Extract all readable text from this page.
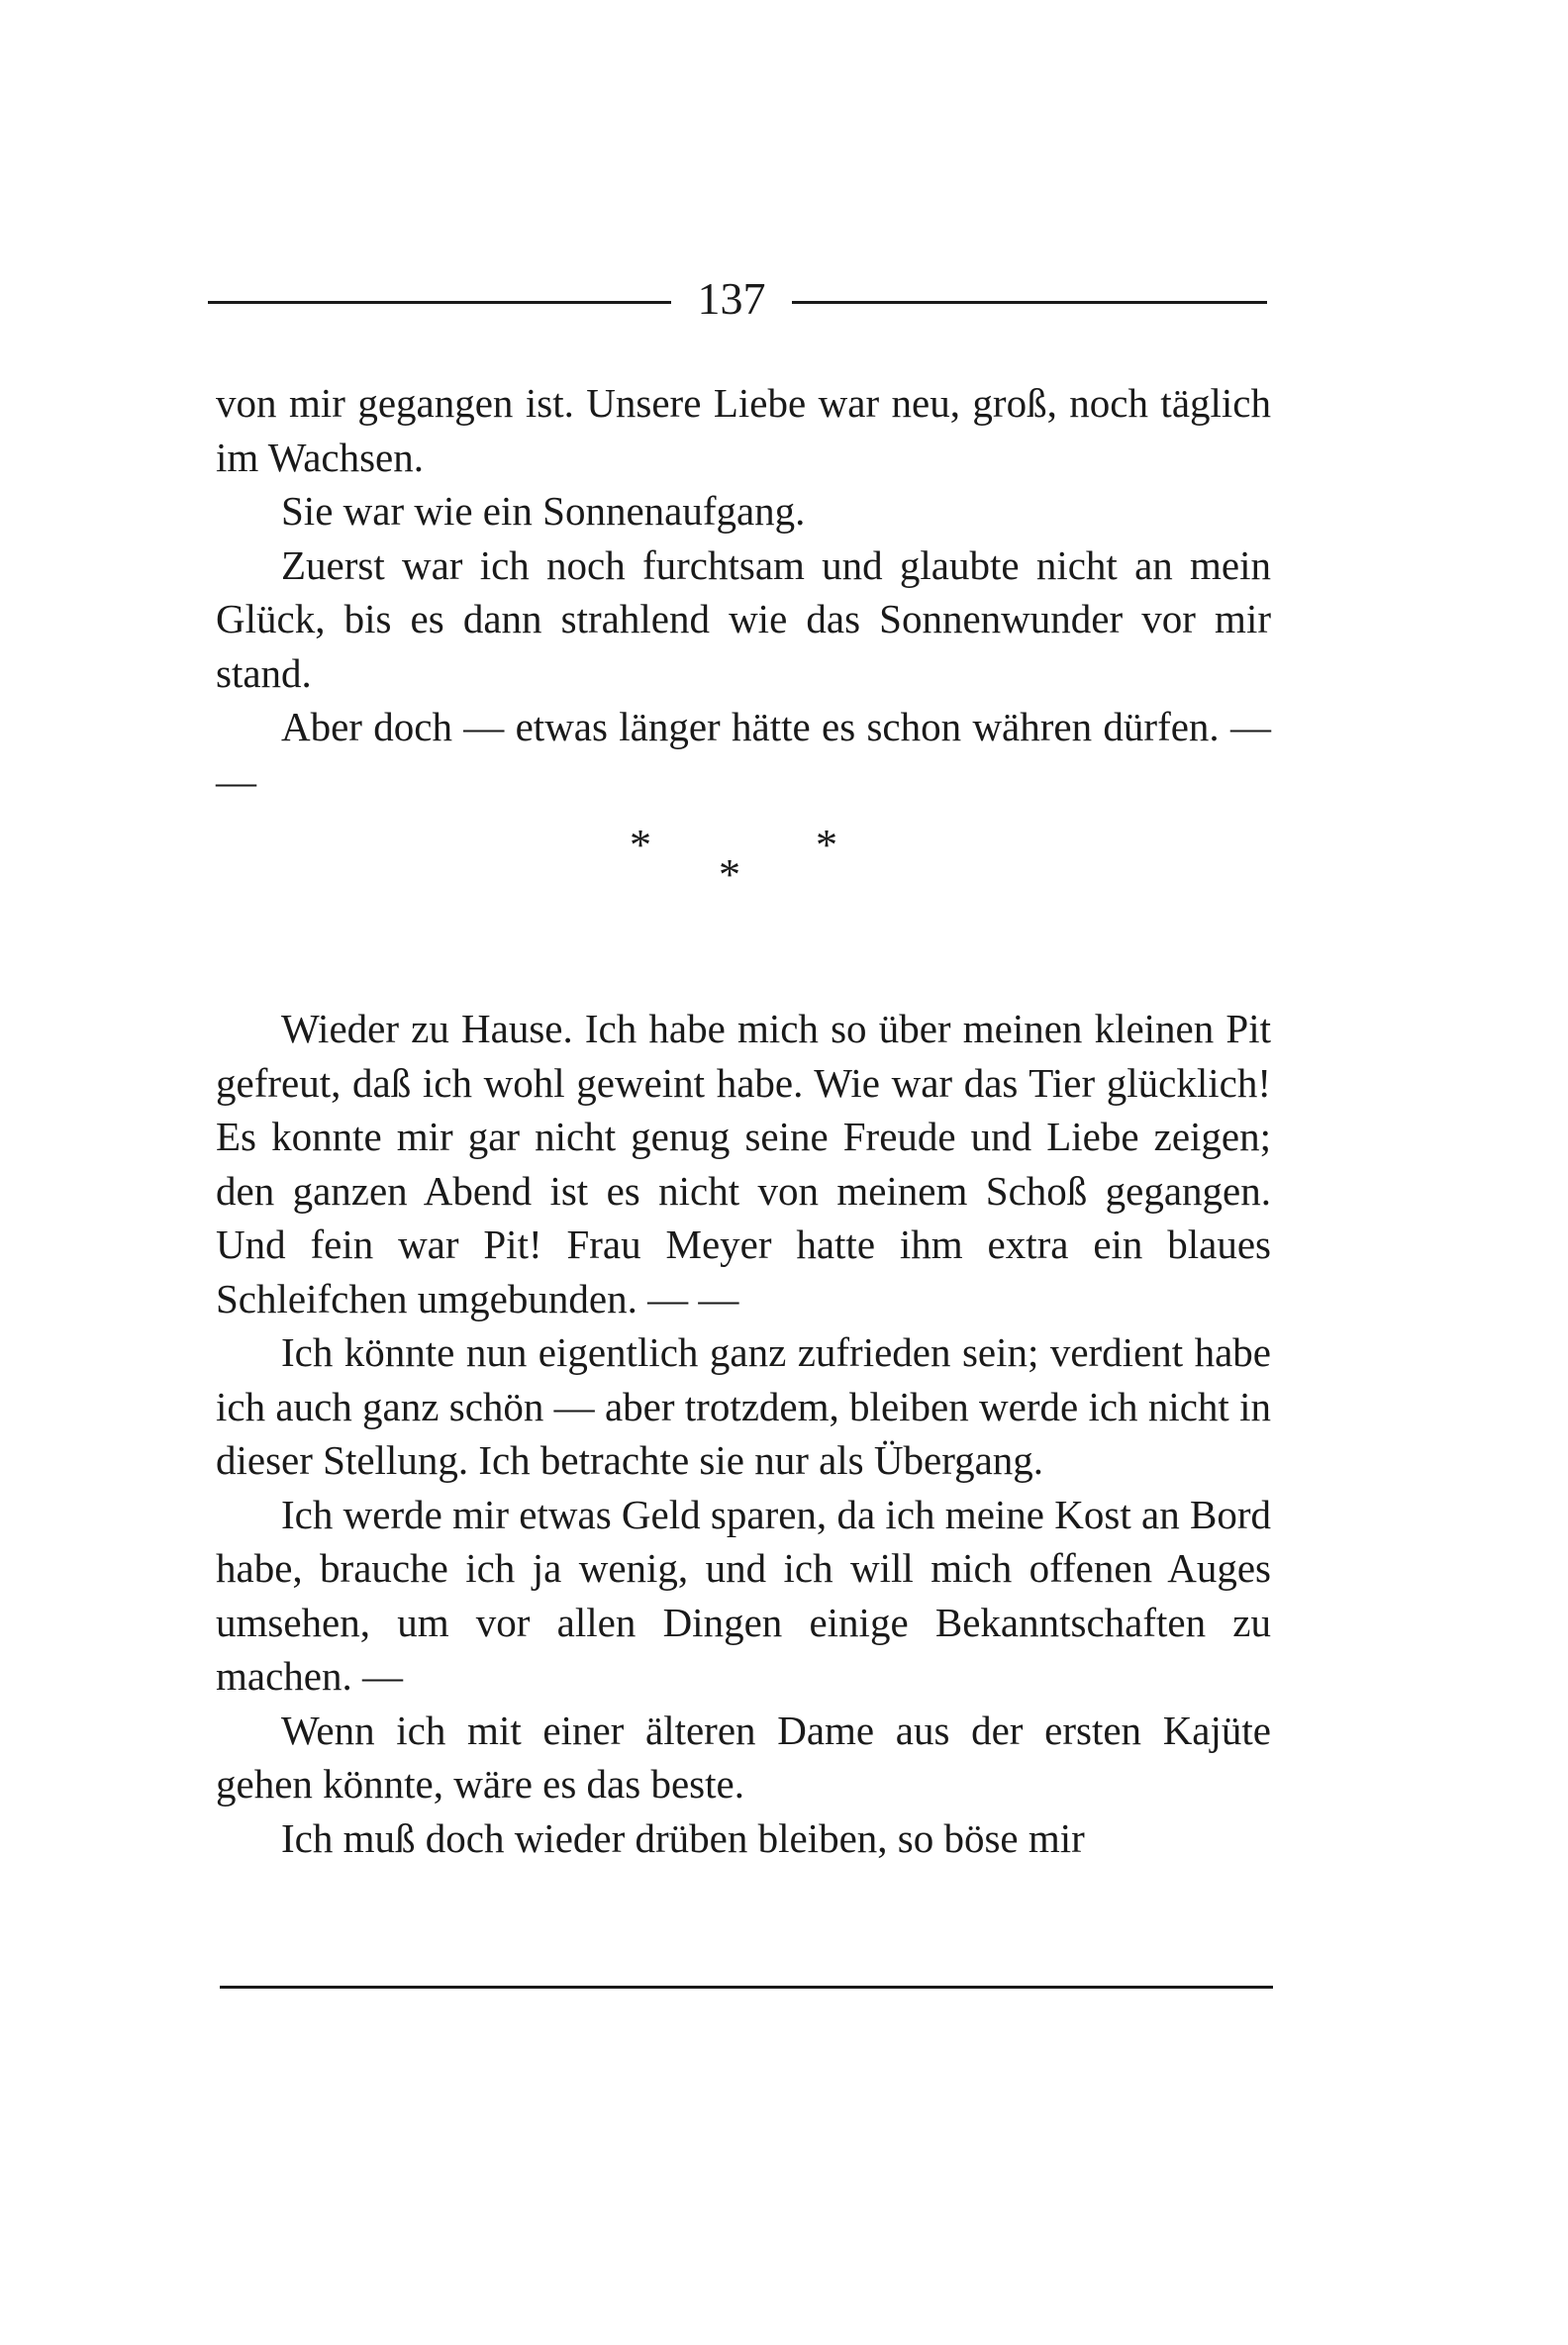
137

von mir gegangen ist. Unsere Liebe war neu, groß, noch täglich im Wachsen.

Sie war wie ein Sonnenaufgang.

Zuerst war ich noch furchtsam und glaubte nicht an mein Glück, bis es dann strahlend wie das Sonnenwunder vor mir stand.

Aber doch — etwas länger hätte es schon währen dürfen. — —

*	*
*

Wieder zu Hause. Ich habe mich so über meinen kleinen Pit gefreut, daß ich wohl geweint habe. Wie war das Tier glücklich! Es konnte mir gar nicht genug seine Freude und Liebe zeigen; den ganzen Abend ist es nicht von meinem Schoß gegangen. Und fein war Pit! Frau Meyer hatte ihm extra ein blaues Schleifchen umgebunden. — —

Ich könnte nun eigentlich ganz zufrieden sein; verdient habe ich auch ganz schön — aber trotzdem, bleiben werde ich nicht in dieser Stellung. Ich betrachte sie nur als Übergang.

Ich werde mir etwas Geld sparen, da ich meine Kost an Bord habe, brauche ich ja wenig, und ich will mich offenen Auges umsehen, um vor allen Dingen einige Bekanntschaften zu machen. —

Wenn ich mit einer älteren Dame aus der ersten Kajüte gehen könnte, wäre es das beste.

Ich muß doch wieder drüben bleiben, so böse mir
